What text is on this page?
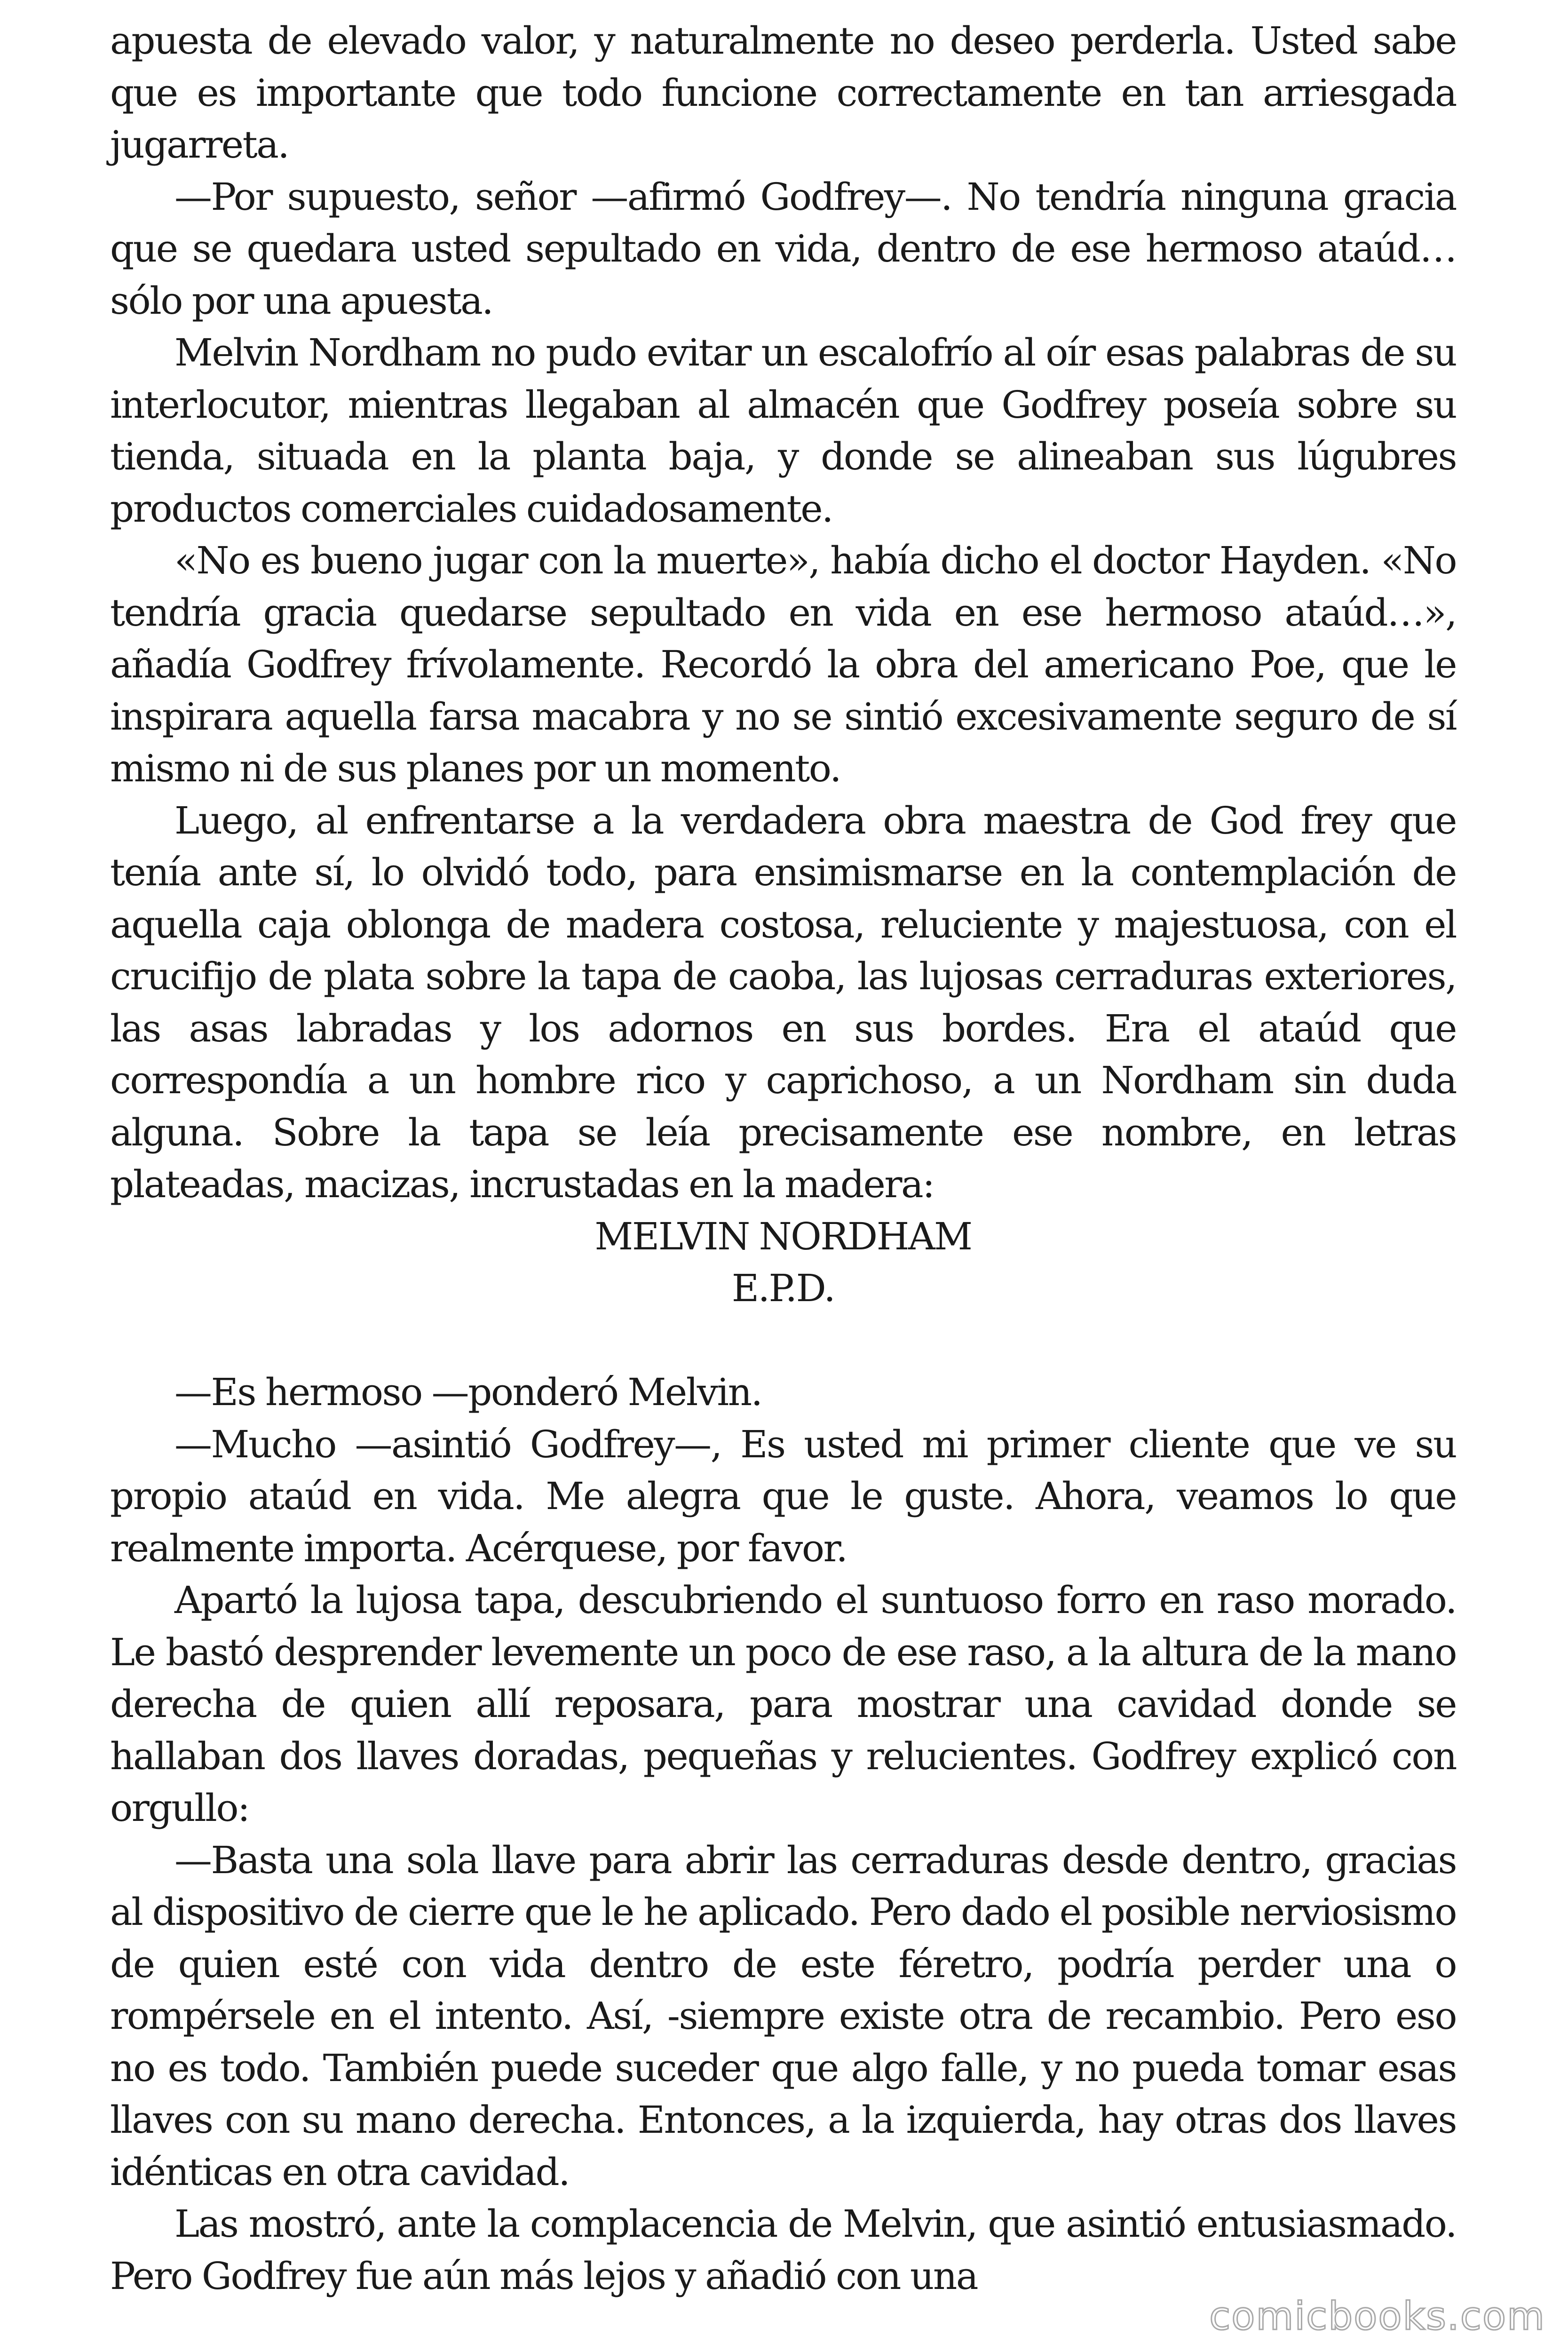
apuesta de elevado valor, y naturalmente no deseo perderla. Usted sabe que es importante que todo funcione correctamente en tan arriesgada jugarreta.

—Por supuesto, señor —afirmó Godfrey—. No tendría ninguna gracia que se quedara usted sepultado en vida, dentro de ese hermoso ataúd… sólo por una apuesta.

Melvin Nordham no pudo evitar un escalofrío al oír esas palabras de su interlocutor, mientras llegaban al almacén que Godfrey poseía sobre su tienda, situada en la planta baja, y donde se alineaban sus lúgubres productos comerciales cuidadosamente.

«No es bueno jugar con la muerte», había dicho el doctor Hayden. «No tendría gracia quedarse sepultado en vida en ese hermoso ataúd…», añadía Godfrey frívolamente. Recordó la obra del americano Poe, que le inspirara aquella farsa macabra y no se sintió excesivamente seguro de sí mismo ni de sus planes por un momento.

Luego, al enfrentarse a la verdadera obra maestra de God frey que tenía ante sí, lo olvidó todo, para ensimismarse en la contemplación de aquella caja oblonga de madera costosa, reluciente y majestuosa, con el crucifijo de plata sobre la tapa de caoba, las lujosas cerraduras exteriores, las asas labradas y los adornos en sus bordes. Era el ataúd que correspondía a un hombre rico y caprichoso, a un Nordham sin duda alguna. Sobre la tapa se leía precisamente ese nombre, en letras plateadas, macizas, incrustadas en la madera:

MELVIN NORDHAM

E.P.D.

—Es hermoso —ponderó Melvin.

—Mucho —asintió Godfrey—, Es usted mi primer cliente que ve su propio ataúd en vida. Me alegra que le guste. Ahora, veamos lo que realmente importa. Acérquese, por favor.

Apartó la lujosa tapa, descubriendo el suntuoso forro en raso morado. Le bastó desprender levemente un poco de ese raso, a la altura de la mano derecha de quien allí reposara, para mostrar una cavidad donde se hallaban dos llaves doradas, pequeñas y relucientes. Godfrey explicó con orgullo:

—Basta una sola llave para abrir las cerraduras desde dentro, gracias al dispositivo de cierre que le he aplicado. Pero dado el posible nerviosismo de quien esté con vida dentro de este féretro, podría perder una o rompérsele en el intento. Así, -siempre existe otra de recambio. Pero eso no es todo. También puede suceder que algo falle, y no pueda tomar esas llaves con su mano derecha. Entonces, a la izquierda, hay otras dos llaves idénticas en otra cavidad.

Las mostró, ante la complacencia de Melvin, que asintió entusiasmado. Pero Godfrey fue aún más lejos y añadió con una

comicbooks.com
